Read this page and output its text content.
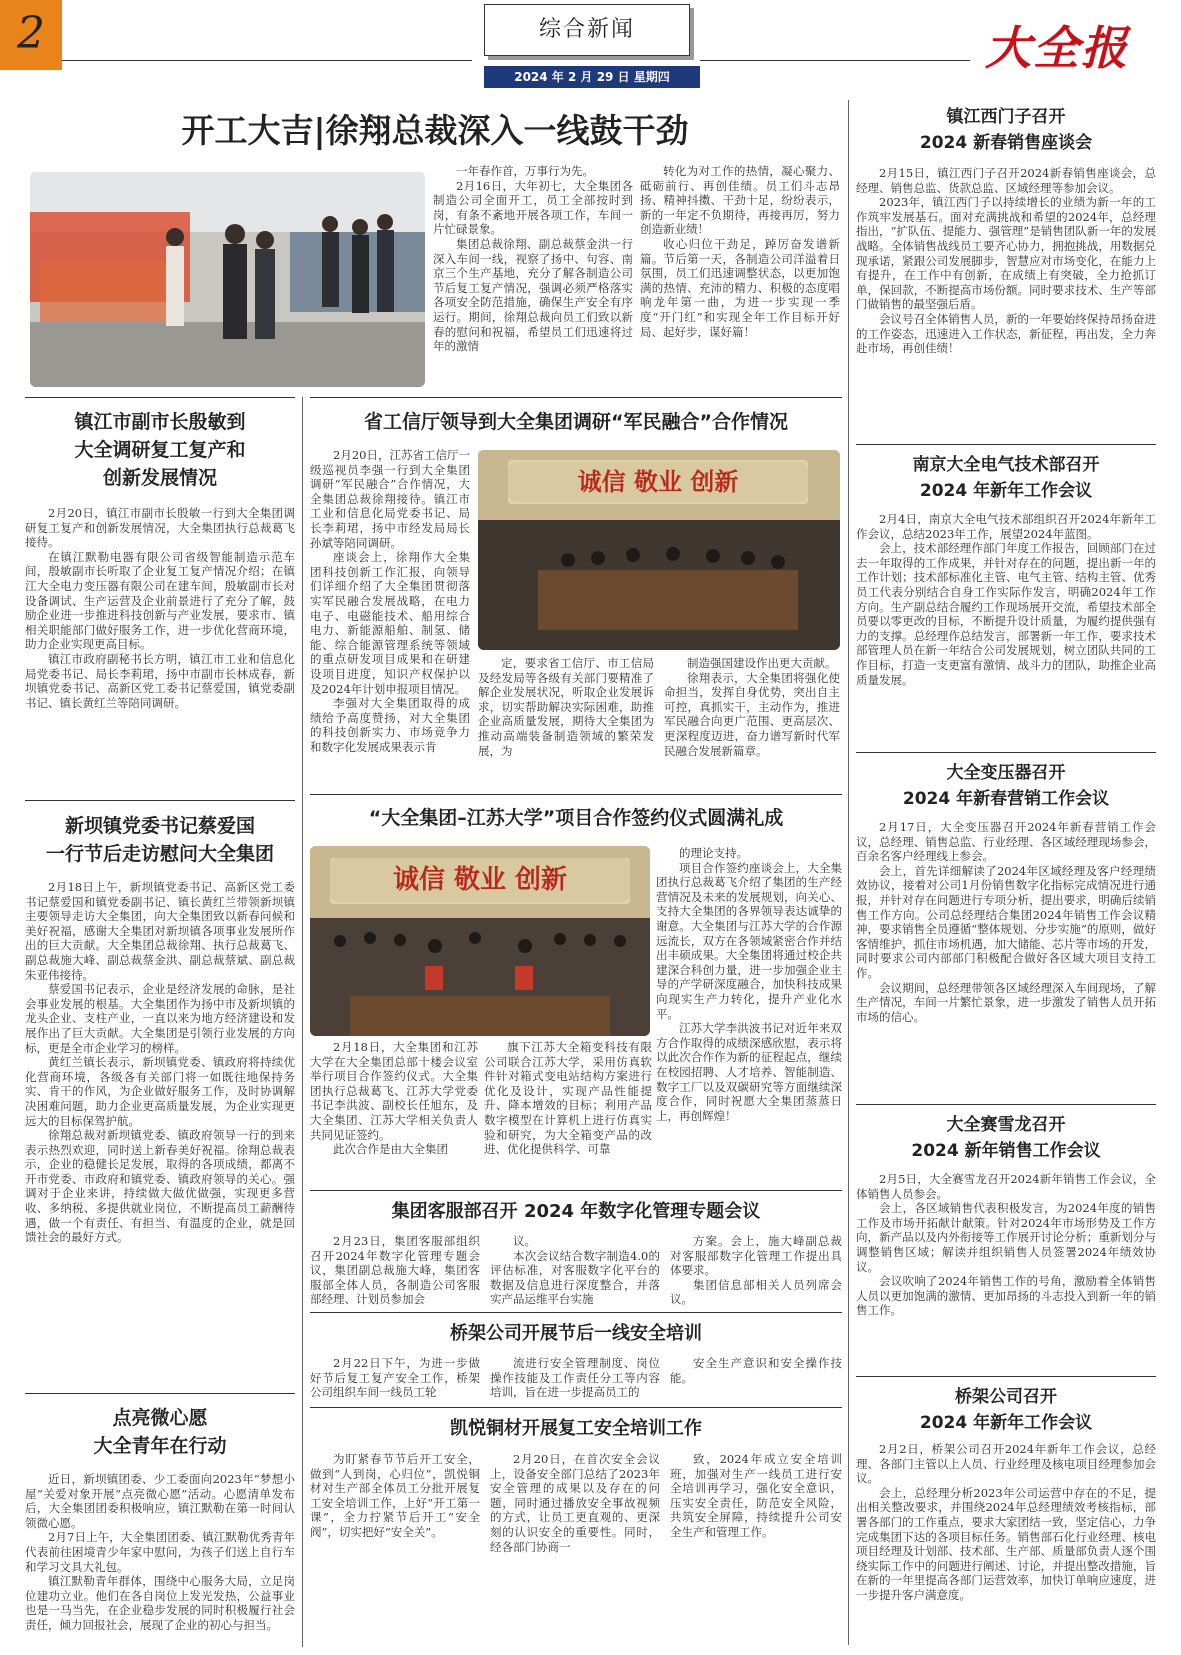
2	综合新闻
2024 年 2 月 29 日 星期四
大全报
开工大吉|徐翔总裁深入一线鼓干劲

一年春作首，万事行为先。

2月16日，大年初七，大全集团各制造公司全面开工，员工全部按时到岗，有条不紊地开展各项工作，车间一片忙碌景象。

集团总裁徐翔、副总裁蔡金洪一行深入车间一线，视察了扬中、句容、南京三个生产基地，充分了解各制造公司节后复工复产情况，强调必须严格落实各项安全防范措施，确保生产安全有序运行。期间，徐翔总裁向员工们致以新春的慰问和祝福，希望员工们迅速将过年的激情

转化为对工作的热情，凝心聚力、砥砺前行、再创佳绩。员工们斗志昂扬、精神抖擞、干劲十足，纷纷表示，新的一年定不负期待，再接再厉，努力创造新业绩！

收心归位干劲足，踔厉奋发谱新篇。节后第一天，各制造公司洋溢着日氛围，员工们迅速调整状态，以更加饱满的热情、充沛的精力、积极的态度唱响龙年第一曲，为进一步实现一季度“开门红”和实现全年工作目标开好局、起好步，谋好篇！

镇江市副市长殷敏到
大全调研复工复产和
创新发展情况

2月20日，镇江市副市长殷敏一行到大全集团调研复工复产和创新发展情况，大全集团执行总裁葛飞接待。

在镇江默勒电器有限公司省级智能制造示范车间，殷敏副市长听取了企业复工复产情况介绍；在镇江大全电力变压器有限公司在建车间，殷敏副市长对设备调试、生产运营及企业前景进行了充分了解，鼓励企业进一步推进科技创新与产业发展，要求市、镇相关职能部门做好服务工作，进一步优化营商环境，助力企业实现更高目标。

镇江市政府副秘书长方明，镇江市工业和信息化局党委书记、局长李莉珺，扬中市副市长林成春，新坝镇党委书记、高新区党工委书记蔡爱国，镇党委副书记、镇长黄红兰等陪同调研。

新坝镇党委书记蔡爱国
一行节后走访慰问大全集团

2月18日上午，新坝镇党委书记、高新区党工委书记蔡爱国和镇党委副书记、镇长黄红兰带领新坝镇主要领导走访大全集团，向大全集团致以新春问候和美好祝福，感谢大全集团对新坝镇各项事业发展所作出的巨大贡献。大全集团总裁徐翔、执行总裁葛飞、副总裁施大峰、副总裁蔡金洪、副总裁蔡斌、副总裁朱亚伟接待。

蔡爱国书记表示，企业是经济发展的命脉，是社会事业发展的根基。大全集团作为扬中市及新坝镇的龙头企业、支柱产业，一直以来为地方经济建设和发展作出了巨大贡献。大全集团是引领行业发展的方向标，更是全市企业学习的榜样。

黄红兰镇长表示，新坝镇党委、镇政府将持续优化营商环境，各级各有关部门将一如既往地保持务实、肯干的作风，为企业做好服务工作，及时协调解决困难问题，助力企业更高质量发展，为企业实现更远大的目标保驾护航。

徐翔总裁对新坝镇党委、镇政府领导一行的到来表示热烈欢迎，同时送上新春美好祝福。徐翔总裁表示，企业的稳健长足发展，取得的各项成绩，都离不开市党委、市政府和镇党委、镇政府领导的关心。强调对于企业来讲，持续做大做优做强，实现更多营收、多纳税、多提供就业岗位，不断提高员工薪酬待遇，做一个有责任、有担当、有温度的企业，就是回馈社会的最好方式。

点亮微心愿
大全青年在行动

近日，新坝镇团委、少工委面向2023年“梦想小屋”关爱对象开展“点亮微心愿”活动。心愿清单发布后，大全集团团委积极响应，镇江默勒在第一时间认领微心愿。

2月7日上午，大全集团团委、镇江默勒优秀青年代表前往困境青少年家中慰问，为孩子们送上自行车和学习文具大礼包。

镇江默勒青年群体，围绕中心服务大局，立足岗位建功立业。他们在各自岗位上发光发热，公益事业也是一马当先，在企业稳步发展的同时积极履行社会责任，倾力回报社会，展现了企业的初心与担当。

省工信厅领导到大全集团调研“军民融合”合作情况

2月20日，江苏省工信厅一级巡视员李强一行到大全集团调研“军民融合”合作情况，大全集团总裁徐翔接待。镇江市工业和信息化局党委书记、局长李莉珺，扬中市经发局局长孙斌等陪同调研。

座谈会上，徐翔作大全集团科技创新工作汇报，向领导们详细介绍了大全集团贯彻落实军民融合发展战略，在电力电子、电磁能技术、船用综合电力、新能源船舶、制氢、储能、综合能源管理系统等领域的重点研发项目成果和在研建设项目进度，知识产权保护以及2024年计划申报项目情况。

李强对大全集团取得的成绩给予高度赞扬，对大全集团的科技创新实力、市场竞争力和数字化发展成果表示肯

诚信 敬业 创新

定，要求省工信厅、市工信局及经发局等各级有关部门要精准了解企业发展状况，听取企业发展诉求，切实帮助解决实际困难，助推企业高质量发展，期待大全集团为推动高端装备制造领域的繁荣发展，为

制造强国建设作出更大贡献。

徐翔表示，大全集团将强化使命担当，发挥自身优势，突出自主可控，真抓实干，主动作为，推进军民融合向更广范围、更高层次、更深程度迈进，奋力谱写新时代军民融合发展新篇章。

“大全集团–江苏大学”项目合作签约仪式圆满礼成
诚信 敬业 创新

的理论支持。

项目合作签约座谈会上，大全集团执行总裁葛飞介绍了集团的生产经营情况及未来的发展规划，向关心、支持大全集团的各界领导表达诚挚的谢意。大全集团与江苏大学的合作源远流长，双方在各领域紧密合作并结出丰硕成果。大全集团将通过校企共建深合科创力量，进一步加强企业主导的产学研深度融合，加快科技成果向现实生产力转化，提升产业化水平。

江苏大学李洪波书记对近年来双方合作取得的成绩深感欣慰，表示将以此次合作作为新的征程起点，继续在校园招聘、人才培养、智能制造、数字工厂以及双碳研究等方面继续深度合作，同时祝愿大全集团蒸蒸日上，再创辉煌！

2月18日，大全集团和江苏大学在大全集团总部十楼会议室举行项目合作签约仪式。大全集团执行总裁葛飞、江苏大学党委书记李洪波、副校长任旭东，及大全集团、江苏大学相关负责人共同见证签约。

此次合作是由大全集团

旗下江苏大全箱变科技有限公司联合江苏大学，采用仿真软件针对箱式变电站结构方案进行优化及设计，实现产品性能提升、降本增效的目标；利用产品数字模型在计算机上进行仿真实验和研究，为大全箱变产品的改进、优化提供科学、可靠

集团客服部召开 2024 年数字化管理专题会议

2月23日，集团客服部组织召开2024年数字化管理专题会议，集团副总裁施大峰，集团客服部全体人员，各制造公司客服部经理、计划员参加会

议。

本次会议结合数字制造4.0的评估标准，对客服数字化平台的数据及信息进行深度整合，并落实产品运维平台实施

方案。会上，施大峰副总裁对客服部数字化管理工作提出具体要求。

集团信息部相关人员列席会议。

桥架公司开展节后一线安全培训

2月22日下午，为进一步做好节后复工复产安全工作，桥架公司组织车间一线员工轮

流进行安全管理制度、岗位操作技能及工作责任分工等内容培训，旨在进一步提高员工的

安全生产意识和安全操作技能。

凯悦铜材开展复工安全培训工作

为盯紧春节节后开工安全，做到“人到岗，心归位”，凯悦铜材对生产部全体员工分批开展复工安全培训工作，上好“开工第一课”，全力拧紧节后开工“安全阀”，切实把好“安全关”。

2月20日，在首次安全会议上，设备安全部门总结了2023年安全管理的成果以及存在的问题，同时通过播放安全事故视频的方式，让员工更直观的、更深刻的认识安全的重要性。同时，经各部门协商一

致，2024年成立安全培训班，加强对生产一线员工进行安全培训再学习，强化安全意识，压实安全责任，防范安全风险，共筑安全屏障，持续提升公司安全生产和管理工作。

镇江西门子召开
2024 新春销售座谈会

2月15日，镇江西门子召开2024新春销售座谈会，总经理、销售总监、货款总监、区域经理等参加会议。

2023年，镇江西门子以持续增长的业绩为新一年的工作筑牢发展基石。面对充满挑战和希望的2024年，总经理指出，“扩队伍、提能力、强管理”是销售团队新一年的发展战略。全体销售战线员工要齐心协力，拥抱挑战，用数据兑现承诺，紧跟公司发展脚步，智慧应对市场变化，在能力上有提升，在工作中有创新，在成绩上有突破，全力抢抓订单，保回款，不断提高市场份额。同时要求技术、生产等部门做销售的最坚强后盾。

会议号召全体销售人员，新的一年要始终保持昂扬奋进的工作姿态，迅速进入工作状态，新征程，再出发，全力奔赴市场，再创佳绩！

南京大全电气技术部召开
2024 年新年工作会议

2月4日，南京大全电气技术部组织召开2024年新年工作会议，总结2023年工作，展望2024年蓝图。

会上，技术部经理作部门年度工作报告，回顾部门在过去一年取得的工作成果，并针对存在的问题，提出新一年的工作计划；技术部标准化主管、电气主管、结构主管、优秀员工代表分别结合自身工作实际作发言，明确2024年工作方向。生产副总结合履约工作现场展开交流，希望技术部全员要以零更改的目标，不断提升设计质量，为履约提供强有力的支撑。总经理作总结发言，部署新一年工作，要求技术部管理人员在新一年结合公司发展规划，树立团队共同的工作目标，打造一支更富有激情、战斗力的团队，助推企业高质量发展。

大全变压器召开
2024 年新春营销工作会议

2月17日，大全变压器召开2024年新春营销工作会议，总经理、销售总监、行业经理、各区域经理现场参会，百余名客户经理线上参会。

会上，首先详细解读了2024年区域经理及客户经理绩效协议，接着对公司1月份销售数字化指标完成情况进行通报，并针对存在问题进行专项分析，提出要求，明确后续销售工作方向。公司总经理结合集团2024年销售工作会议精神，要求销售全员遵循“整体规划、分步实施”的原则，做好客情维护，抓住市场机遇，加大储能、芯片等市场的开发，同时要求公司内部部门积极配合做好各区域大项目支持工作。

会议期间，总经理带领各区域经理深入车间现场，了解生产情况，车间一片繁忙景象，进一步激发了销售人员开拓市场的信心。

大全赛雪龙召开
2024 新年销售工作会议

2月5日，大全赛雪龙召开2024新年销售工作会议，全体销售人员参会。

会上，各区域销售代表积极发言，为2024年度的销售工作及市场开拓献计献策。针对2024年市场形势及工作方向，新产品以及内外衔接等工作展开讨论分析；重新划分与调整销售区域；解读并组织销售人员签署2024年绩效协议。

会议吹响了2024年销售工作的号角，激励着全体销售人员以更加饱满的激情、更加昂扬的斗志投入到新一年的销售工作。

桥架公司召开
2024 年新年工作会议

2月2日，桥架公司召开2024年新年工作会议，总经理、各部门主管以上人员、行业经理及核电项目经理参加会议。

会上，总经理分析2023年公司运营中存在的不足，提出相关整改要求，并围绕2024年总经理绩效考核指标，部署各部门的工作重点，要求大家团结一致，坚定信心，力争完成集团下达的各项目标任务。销售部石化行业经理、核电项目经理及计划部、技术部、生产部、质量部负责人逐个围绕实际工作中的问题进行阐述、讨论，并提出整改措施，旨在新的一年里提高各部门运营效率，加快订单响应速度，进一步提升客户满意度。
